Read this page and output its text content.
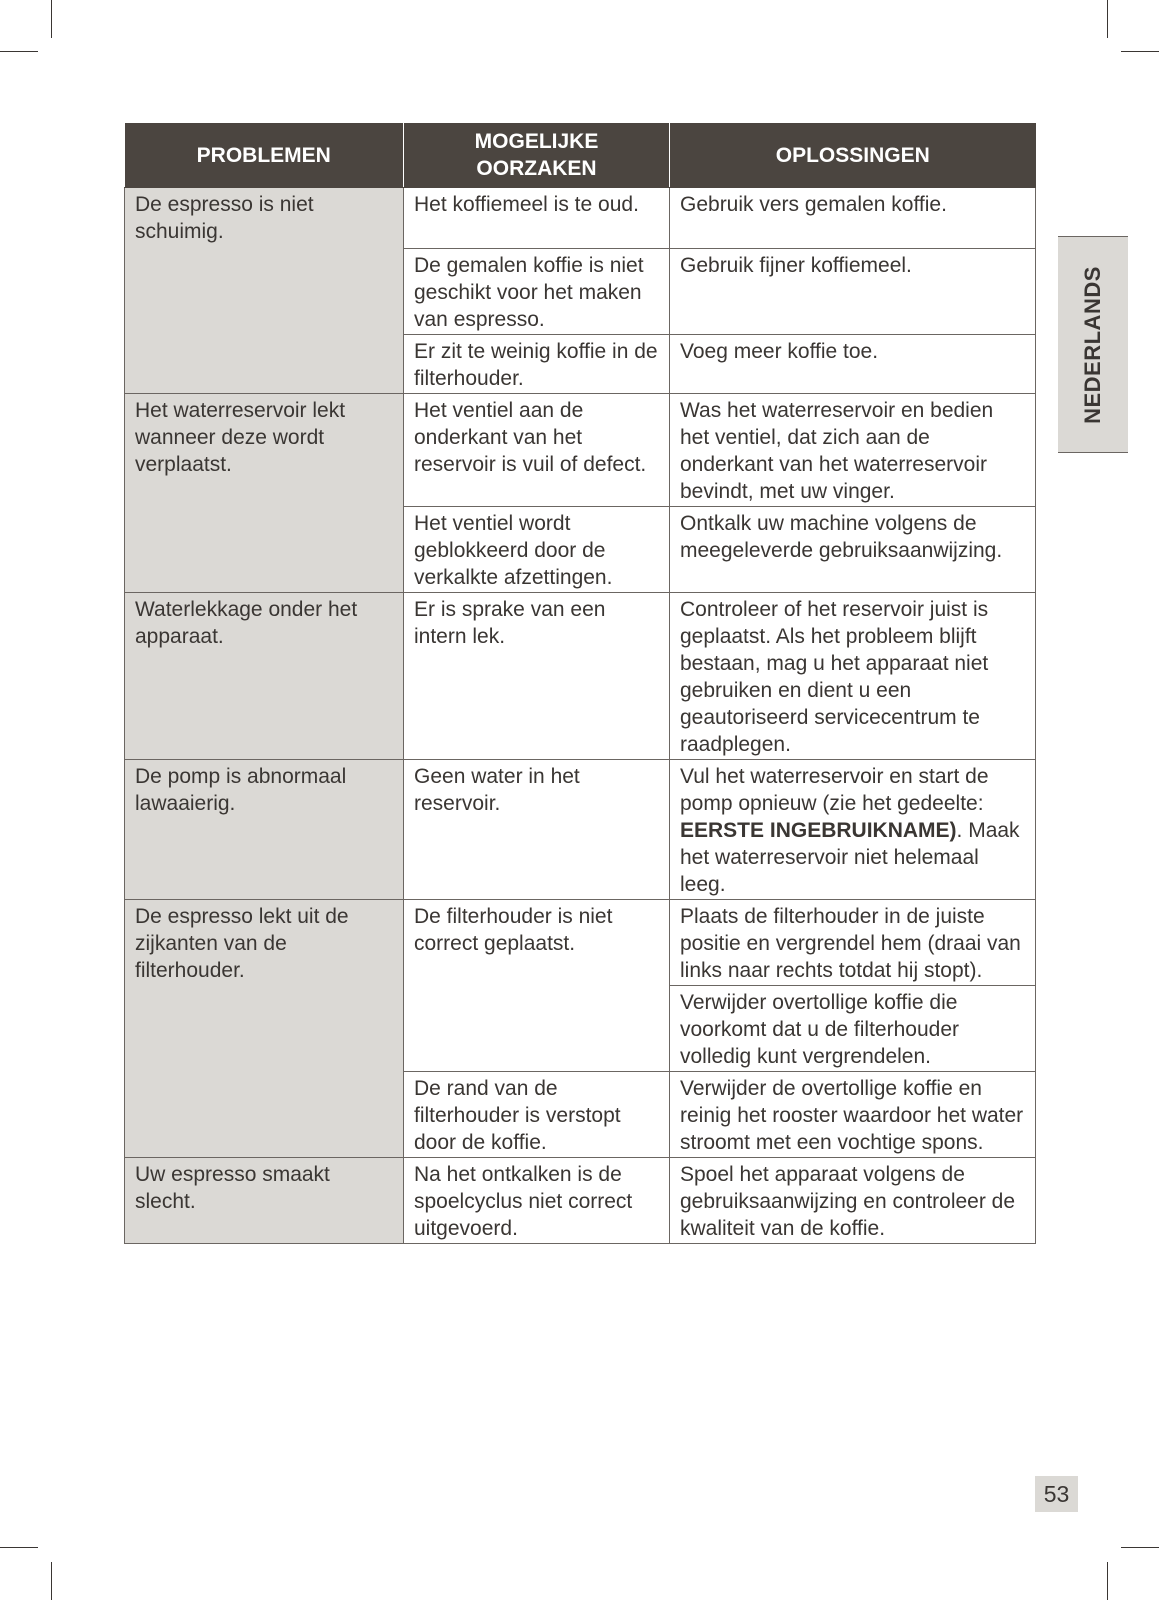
PROBLEMEN	MOGELIJKE OORZAKEN	OPLOSSINGEN
De espresso is niet schuimig.	Het koffiemeel is te oud.	Gebruik vers gemalen koffie.
	De gemalen koffie is niet geschikt voor het maken van espresso.	Gebruik fijner koffiemeel.
	Er zit te weinig koffie in de filterhouder.	Voeg meer koffie toe.
Het waterreservoir lekt wanneer deze wordt verplaatst.	Het ventiel aan de onderkant van het reservoir is vuil of defect.	Was het waterreservoir en bedien het ventiel, dat zich aan de onderkant van het waterreservoir bevindt, met uw vinger.
	Het ventiel wordt geblokkeerd door de verkalkte afzettingen.	Ontkalk uw machine volgens de meegeleverde gebruiksaanwijzing.
Waterlekkage onder het apparaat.	Er is sprake van een intern lek.	Controleer of het reservoir juist is geplaatst. Als het probleem blijft bestaan, mag u het apparaat niet gebruiken en dient u een geautoriseerd servicecentrum te raadplegen.
De pomp is abnormaal lawaaierig.	Geen water in het reservoir.	Vul het waterreservoir en start de pomp opnieuw (zie het gedeelte: EERSTE INGEBRUIKNAME). Maak het waterreservoir niet helemaal leeg.
De espresso lekt uit de zijkanten van de filterhouder.	De filterhouder is niet correct geplaatst.	Plaats de filterhouder in de juiste positie en vergrendel hem (draai van links naar rechts totdat hij stopt).
		Verwijder overtollige koffie die voorkomt dat u de filterhouder volledig kunt vergrendelen.
	De rand van de filterhouder is verstopt door de koffie.	Verwijder de overtollige koffie en reinig het rooster waardoor het water stroomt met een vochtige spons.
Uw espresso smaakt slecht.	Na het ontkalken is de spoelcyclus niet correct uitgevoerd.	Spoel het apparaat volgens de gebruiksaanwijzing en controleer de kwaliteit van de koffie.
NEDERLANDS
53
